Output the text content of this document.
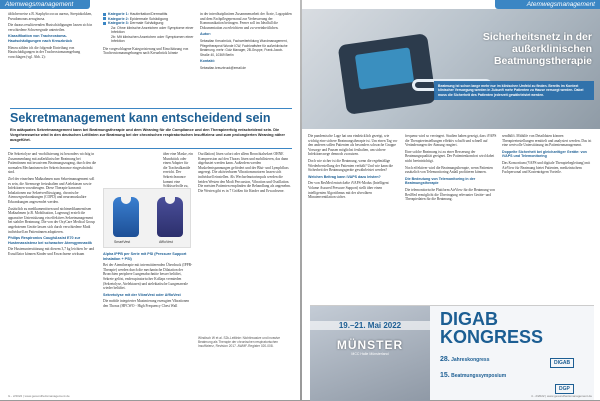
Atemwegsmanagement

üblicherweise z.B. Staphylococcus aureus, Streptokokken, Pseudomonas aeruginosa.

Die daraus resultierenden Hustschädigungen lassen sich in verschiedene Schweregrade unterteilen.

Klassifikation von Tracheostoma-Hautschädigungen nach Kreuzbrück

Hierzu zählen ich die folgende Einteilung von Hautschädigungen in der Tracheostomaumgebung vorschlagen (vgl. Abb. 2):

Kategorie 1: Hautirritation/Dermatitis
Kategorie 2: Epidermale Schädigung
Kategorie 3: Dermale Schädigung
2a: Ohne klinische Anzeichen oder Symptome einer Infektion
2b: Mit klinischen Anzeichen oder Symptomen einer Infektion
Die vorgeschlagene Kategorisierung und Einschätzung von Tracheostomaumgebungen nach Kreuzbrück könnte

in der interdisziplinären Zusammenarbeit der Ärzte, Logopäden und dem Fachpflegepersonal zur Verbesserung der Kommunikation beitragen. Ferner soll im Idealfall die Dokumentation zu erleichtern und zu vereinheitlichen.

Autor:

Sebastian Kreuzbrück, Fachweiterbildung Wundmanagement, Pflegetherapeut Wunde ICW, Fachkraftsfee für außerklinische Beatmung. mehr: Golz Manager, 2B-Gruppe, Frank-Jacob-Straße 40, 10369 Berlin

Kontakt:

Sebastian.kreuzbruck@email.de

Sekretmanagement kann entscheidend sein
Ein adäquates Sekretmanagement kann bei Beatmungstherapie und dem Weaning für die Compliance und den Therapieerfolg entscheidend sein. Die Vorgehensweise wird in den deutschen Leitlinien zur Beatmung bei der chronischen respiratorischen Insuffizienz und zum prolongierten Weaning näher ausgeführt.

Die Sekretolyse und -mobilisierung ist besonders wichtig in Zusammenhang mit außerklinischer Beatmung bei Patientinnen mit invasivem Beatmungszugang, durch den die normalen Mechanismen der Sekretclearance eingeschränkt sind.

Ziel der einzelnen Maßnahmen zum Sekretmanagement soll es sein, die Atemwege freizuhalten und Atelektasen sowie Infektionen vorzubeugen. Diese Therapie kann mit Inhalationen zur Sekretverflüssigung, chronische Atemwegserkrankungen (COPD) und neuromuskuläre Erkrankungen angewendet werden.

Zusätzlich zu medikamentösen und nichtmedikamentösen Maßnahmen (z.B. Mobilisation, Lagerung) erzielt die apparative Unterstützung ein effektives Sekretmanagement bei stabiler Beatmung. Die von der OxyCare Medical Group angebotenen Geräte lassen sich durch verschiedene Modi individuell an Patientinnen adaptieren.

Philips Respironics CoughAssist E70 zur Hustenassistenz bei schwacher Atemgymnastik

Die Hustenunterstützung mit diesem 3,7 kg leichten In- und Exsufflator können Kinder und Erwachsene wirksam

über eine Maske, ein Mundstück oder einen Adapter für die Trachealkanüle erreicht. Der Sekretclearance kommt eine Schlüsselrolle zu,

SmartVest	AffloVest

Alpha IPPB per Serie mit PSI (Pressure Support Inhalation + PSI)

Bei der Atemtherapie mit intermittierenden Überdruck (IPPB-Therapie) werden durch die mechanische Dilatation der Bronchien periphere Lungenabschnitte besser belüftet, Sekrete gelöst, endexspiratorischer Kollaps vermieden (Sekretolyse, Atelektasen) und atelektatische Lungenareale wieder belüftet.

Sekretolyse mit der VibraVest oder AffloVest

Die mobile integrierter Maximierung erzeugten Vibrationen den Thorax (HFCWO - High Frequency Chest Wall

Oszillation) lösen sofort oder allem Bronchialsekret OHNE Kompression auf den Thorax lösen und mobilisieren, das dann abgehustet werden kann. Außerdem werden Muskelentspannungen gefördert und der Blut- und Lymphfluss angeregt. Die aktivierbaren Vibrationsmotoren lassen sich individuell einstellen. Als Wechselmotorimpuls werden die beiden Westen den Modi Percussion, Vibration und Oszillation. Die meisten Patienten empfinden die Behandlung als angenehm. Die Westen gibt es in 7 Größen für Kinder und Erwachsene.

Windisch W et al. S2k-Leitlinie: Nichtinvasive und invasive Beatmung als Therapie der chronischen respiratorischen Insuffizienz, Revision 2017. AWMF-Register 020-008.
G - 2/2022 | www.gesundheitsmanagement.de
Atemwegsmanagement
Sicherheitsnetz in der außerklinischen Beatmungstherapie
Beatmung ist schon lange mehr nur im klinischen Umfeld zu finden. Bereits im Kontext klinischer Versorgung werden in Zukunft mehr Patienten zu Hause versorgt werden. Dabei muss die Sicherheit des Patienten jederzeit gewährleistet werden.

Die pandemische Lage hat uns eindrücklich gezeigt, wie wichtig eine sichere Beatmungstherapie ist. Um einen Tag vor den anderen sollen Patienten als besonders schwache Gruppe Vorsorge und Pausen möglichst festhalten, um sichere Infektionswege dennoch zu nutzen.

Doch wie sicher ist die Beatmung, wenn die regelmäßige Wiederherstellung der Patienten verhält? Und wie kann die Sicherheit der Beatmungsgeräte gewährleistet werden?

Welchen Beitrag kann iVAPS dazu leisten?

Der von ResMed entwickelte iVAPS-Modus (Intelligent Volume Assured Pressure Support) stellt über einen intelligenten Algorithmus mit der alveolären Minutenventilation sicher.

frequenz wird so verringert. Studien haben gezeigt, dass iVAPS die Therapieeinstellungen effektiv schafft und schnell auf Veränderungen der Atmung reagiert.

Eine solche Beatmung ist zu einer Besserung der Beatmungsqualität geeignet. Der Patientenkomfort wird dabei nicht beeinträchtigt.

Noch effektiver wird die Beatmungstherapie, wenn Patienten zusätzlich von Telemonitoring Anlaß profitieren können.

Die Bedeutung von Telemonitoring in der Beatmungstherapie

Die telemonitorische Plattform AirView für die Beatmung von ResMed ermöglicht die Übertragung relevanter Geräte- und Therapiedaten für die Beatmung.

sendhilft. Mithilfe von Detaildaten können Therapieeinstellungen ermittelt und analysiert werden. Das ist eine wertvolle Unterstützung im Patientenmanagement.

Doppelte Sicherheit bei gleichzeitiger Geräte: von iVAPS und Telemonitoring

Das Konsortium (VAPS und digitale Therapiebegleitung) mit AirView für Beatmung bietet Patienten, medizinischem Fachpersonal und Kostenträgern Vorteile.

19.–21. Mai 2022
MÜNSTER
MCC Halle Münsterland
DIGAB
KONGRESS
28. Jahreskongress
15. Beatmungssymposium
DIGAB
DGP
4 - 2/2022 | www.gesundheitsmanagement.de
